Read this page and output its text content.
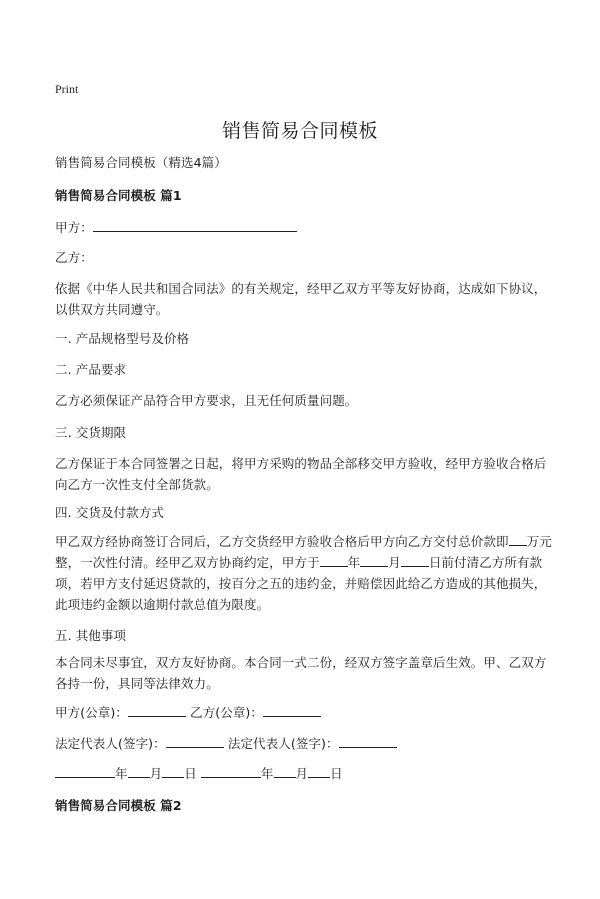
Print
销售简易合同模板
销售简易合同模板（精选4篇）
销售简易合同模板 篇1
甲方：
乙方：
依据《中华人民共和国合同法》的有关规定，经甲乙双方平等友好协商，达成如下协议，以供双方共同遵守。
一. 产品规格型号及价格
二. 产品要求
乙方必须保证产品符合甲方要求，且无任何质量问题。
三. 交货期限
乙方保证于本合同签署之日起，将甲方采购的物品全部移交甲方验收，经甲方验收合格后向乙方一次性支付全部货款。
四. 交货及付款方式
甲乙双方经协商签订合同后，乙方交货经甲方验收合格后甲方向乙方交付总价款即 万元整，一次性付清。经甲乙双方协商约定，甲方于 年 月 日前付清乙方所有款项，若甲方支付延迟贷款的，按百分之五的违约金，并赔偿因此给乙方造成的其他损失，此项违约金额以逾期付款总值为限度。
五. 其他事项
本合同未尽事宜，双方友好协商。本合同一式二份，经双方签字盖章后生效。甲、乙双方各持一份，具同等法律效力。
甲方(公章)：	乙方(公章)：
法定代表人(签字)：	法定代表人(签字)：
年 月 日	年 月 日
销售简易合同模板 篇2
